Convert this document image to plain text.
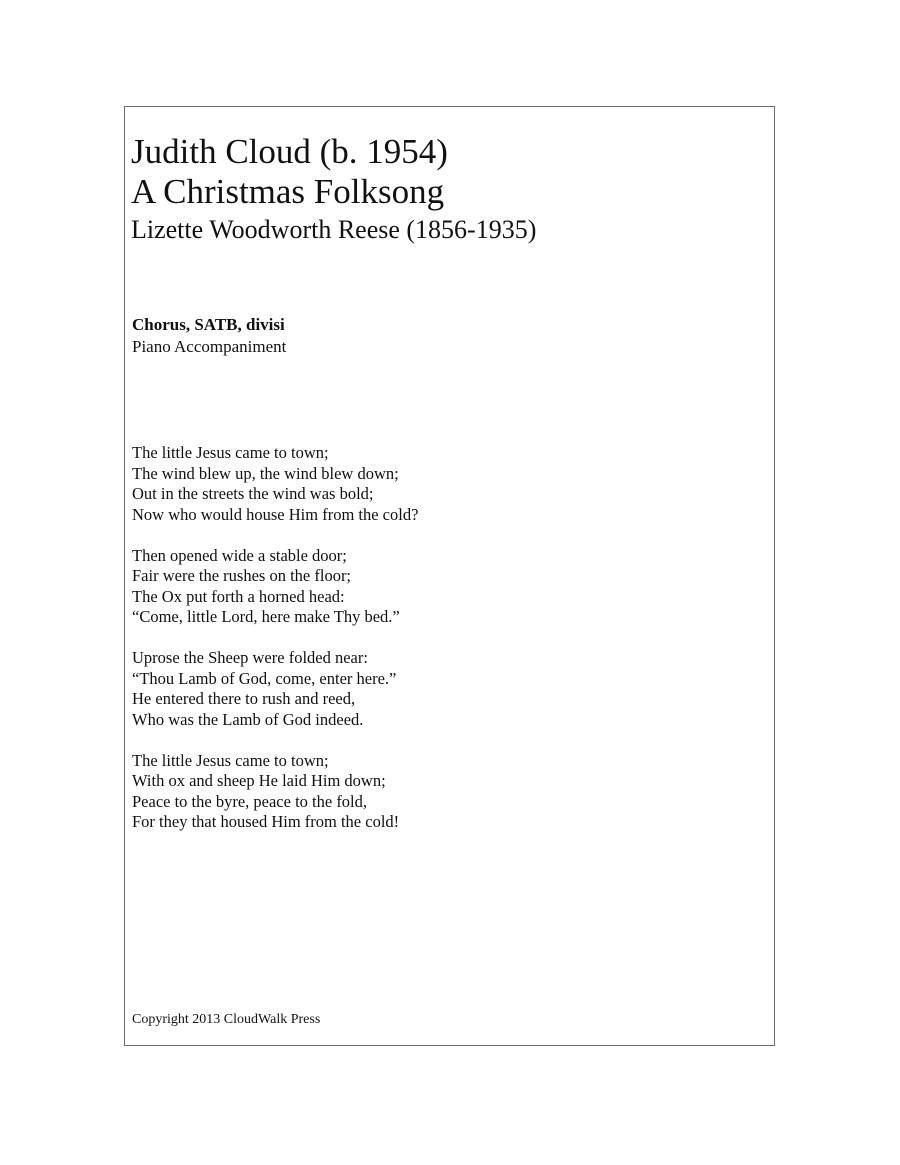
Judith Cloud (b. 1954)
A Christmas Folksong
Lizette Woodworth Reese (1856-1935)
Chorus, SATB, divisi
Piano Accompaniment
The little Jesus came to town;
The wind blew up, the wind blew down;
Out in the streets the wind was bold;
Now who would house Him from the cold?
Then opened wide a stable door;
Fair were the rushes on the floor;
The Ox put forth a horned head:
“Come, little Lord, here make Thy bed.”
Uprose the Sheep were folded near:
“Thou Lamb of God, come, enter here.”
He entered there to rush and reed,
Who was the Lamb of God indeed.
The little Jesus came to town;
With ox and sheep He laid Him down;
Peace to the byre, peace to the fold,
For they that housed Him from the cold!
Copyright 2013 CloudWalk Press
